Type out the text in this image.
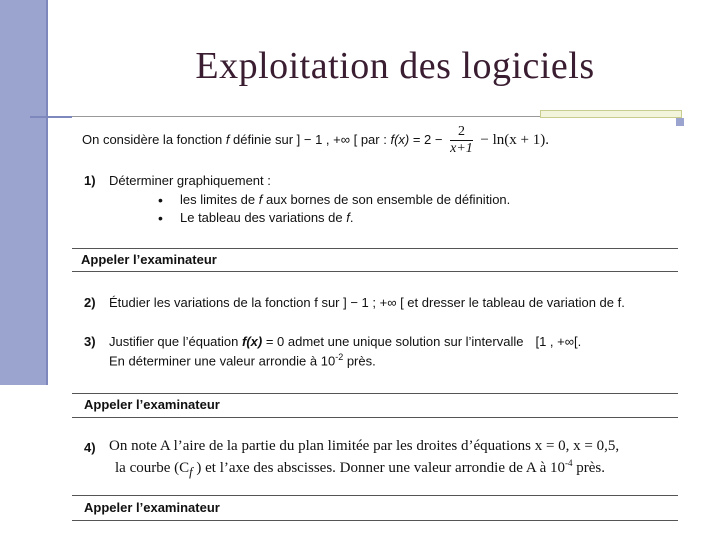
Exploitation des logiciels
On considère la fonction f définie sur ] − 1 , +∞ [ par : $f(x) = 2 - \frac{2}{x+1} - \ln(x + 1)$.
1) Déterminer graphiquement :
• les limites de f aux bornes de son ensemble de définition.
• Le tableau des variations de f.
Appeler l’examinateur
2) Étudier les variations de la fonction f sur ] − 1 ; +∞ [ et dresser le tableau de variation de f.
3) Justifier que l’équation f(x) = 0 admet une unique solution sur l’intervalle [1 , +∞[.
En déterminer une valeur arrondie à $10^{-2}$ près.
Appeler l’examinateur
4) On note A l’aire de la partie du plan limitée par les droites d’équations x = 0, x = 0,5,
la courbe ($C_f$ ) et l’axe des abscisses. Donner une valeur arrondie de A à $10^{-4}$ près.
Appeler l’examinateur
